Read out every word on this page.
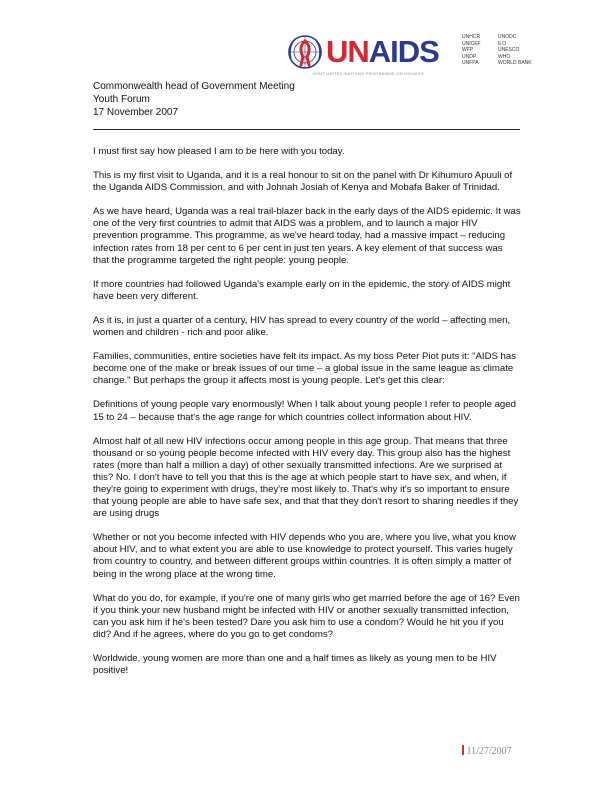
UNAIDS
JOINT UNITED NATIONS PROGRAMME ON HIV/AIDS
UNHCR
UNICEF
WFP
UNDP
UNFPA
UNODC
ILO
UNESCO
WHO
WORLD BANK
Commonwealth head of Government Meeting
Youth Forum
17 November 2007

I must first say how pleased I am to be here with you today.

This is my first visit to Uganda, and it is a real honour to sit on the panel with Dr Kihumuro Apuuli of the Uganda AIDS Commission, and with Johnah Josiah of Kenya and Mobafa Baker of Trinidad.

As we have heard, Uganda was a real trail-blazer back in the early days of the AIDS epidemic. It was one of the very first countries to admit that AIDS was a problem, and to launch a major HIV prevention programme. This programme, as we've heard today, had a massive impact – reducing infection rates from 18 per cent to 6 per cent in just ten years. A key element of that success was that the programme targeted the right people: young people.

If more countries had followed Uganda's example early on in the epidemic, the story of AIDS might have been very different.

As it is, in just a quarter of a century, HIV has spread to every country of the world – affecting men, women and children - rich and poor alike.

Families, communities, entire societies have felt its impact. As my boss Peter Piot puts it: "AIDS has become one of the make or break issues of our time – a global issue in the same league as climate change." But perhaps the group it affects most is young people. Let's get this clear:

Definitions of young people vary enormously! When I talk about young people I refer to people aged 15 to 24 – because that's the age range for which countries collect information about HIV.

Almost half of all new HIV infections occur among people in this age group. That means that three thousand or so young people become infected with HIV every day. This group also has the highest rates (more than half a million a day) of other sexually transmitted infections. Are we surprised at this? No. I don't have to tell you that this is the age at which people start to have sex, and when, if they're going to experiment with drugs, they're most likely to. That's why it's so important to ensure that young people are able to have safe sex, and that that they don't resort to sharing needles if they are using drugs

Whether or not you become infected with HIV depends who you are, where you live, what you know about HIV, and to what extent you are able to use knowledge to protect yourself. This varies hugely from country to country, and between different groups within countries. It is often simply a matter of being in the wrong place at the wrong time.

What do you do, for example, if you're one of many girls who get married before the age of 16? Even if you think your new husband might be infected with HIV or another sexually transmitted infection, can you ask him if he's been tested? Dare you ask him to use a condom? Would he hit you if you did? And if he agrees, where do you go to get condoms?

Worldwide, young women are more than one and a half times as likely as young men to be HIV positive!

11/27/2007
